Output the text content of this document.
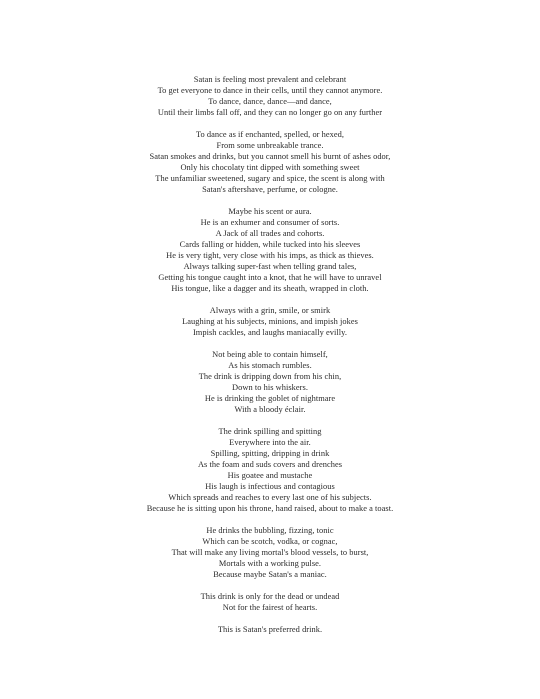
Satan is feeling most prevalent and celebrant
To get everyone to dance in their cells, until they cannot anymore.
To dance, dance, dance—and dance,
Until their limbs fall off, and they can no longer go on any further
To dance as if enchanted, spelled, or hexed,
From some unbreakable trance.
Satan smokes and drinks, but you cannot smell his burnt of ashes odor,
Only his chocolaty tint dipped with something sweet
The unfamiliar sweetened, sugary and spice, the scent is along with
Satan's aftershave, perfume, or cologne.
Maybe his scent or aura.
He is an exhumer and consumer of sorts.
A Jack of all trades and cohorts.
Cards falling or hidden, while tucked into his sleeves
He is very tight, very close with his imps, as thick as thieves.
Always talking super-fast when telling grand tales,
Getting his tongue caught into a knot, that he will have to unravel
His tongue, like a dagger and its sheath, wrapped in cloth.
Always with a grin, smile, or smirk
Laughing at his subjects, minions, and impish jokes
Impish cackles, and laughs maniacally evilly.
Not being able to contain himself,
As his stomach rumbles.
The drink is dripping down from his chin,
Down to his whiskers.
He is drinking the goblet of nightmare
With a bloody éclair.
The drink spilling and spitting
Everywhere into the air.
Spilling, spitting, dripping in drink
As the foam and suds covers and drenches
His goatee and mustache
His laugh is infectious and contagious
Which spreads and reaches to every last one of his subjects.
Because he is sitting upon his throne, hand raised, about to make a toast.
He drinks the bubbling, fizzing, tonic
Which can be scotch, vodka, or cognac,
That will make any living mortal's blood vessels, to burst,
Mortals with a working pulse.
Because maybe Satan's a maniac.
This drink is only for the dead or undead
Not for the fairest of hearts.
This is Satan's preferred drink.
